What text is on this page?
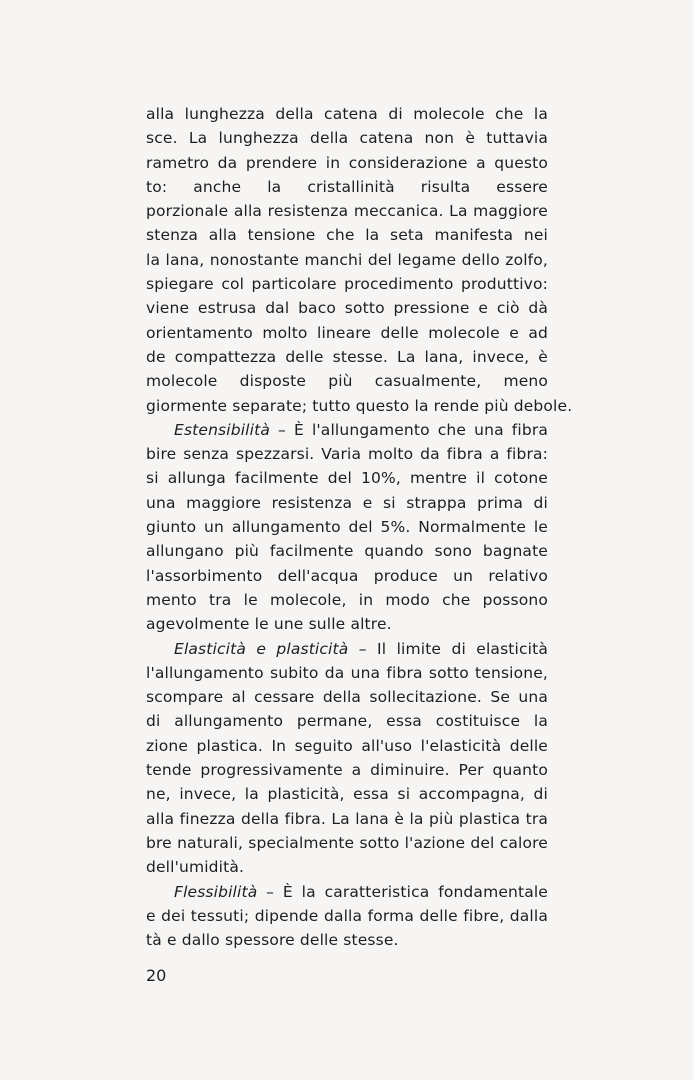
alla lunghezza della catena di molecole che la
sce. La lunghezza della catena non è tuttavia
rametro da prendere in considerazione a questo
to: anche la cristallinità risulta essere
porzionale alla resistenza meccanica. La maggiore
stenza alla tensione che la seta manifesta nei
la lana, nonostante manchi del legame dello zolfo,
spiegare col particolare procedimento produttivo:
viene estrusa dal baco sotto pressione e ciò dà
orientamento molto lineare delle molecole e ad
de compattezza delle stesse. La lana, invece, è
molecole disposte più casualmente, meno
giormente separate; tutto questo la rende più debole.
Estensibilità – È l'allungamento che una fibra
bire senza spezzarsi. Varia molto da fibra a fibra:
si allunga facilmente del 10%, mentre il cotone
una maggiore resistenza e si strappa prima di
giunto un allungamento del 5%. Normalmente le
allungano più facilmente quando sono bagnate
l'assorbimento dell'acqua produce un relativo
mento tra le molecole, in modo che possono
agevolmente le une sulle altre.
Elasticità e plasticità – Il limite di elasticità
l'allungamento subito da una fibra sotto tensione,
scompare al cessare della sollecitazione. Se una
di allungamento permane, essa costituisce la
zione plastica. In seguito all'uso l'elasticità delle
tende progressivamente a diminuire. Per quanto
ne, invece, la plasticità, essa si accompagna, di
alla finezza della fibra. La lana è la più plastica tra
bre naturali, specialmente sotto l'azione del calore
dell'umidità.
Flessibilità – È la caratteristica fondamentale
e dei tessuti; dipende dalla forma delle fibre, dalla
tà e dallo spessore delle stesse.
20
